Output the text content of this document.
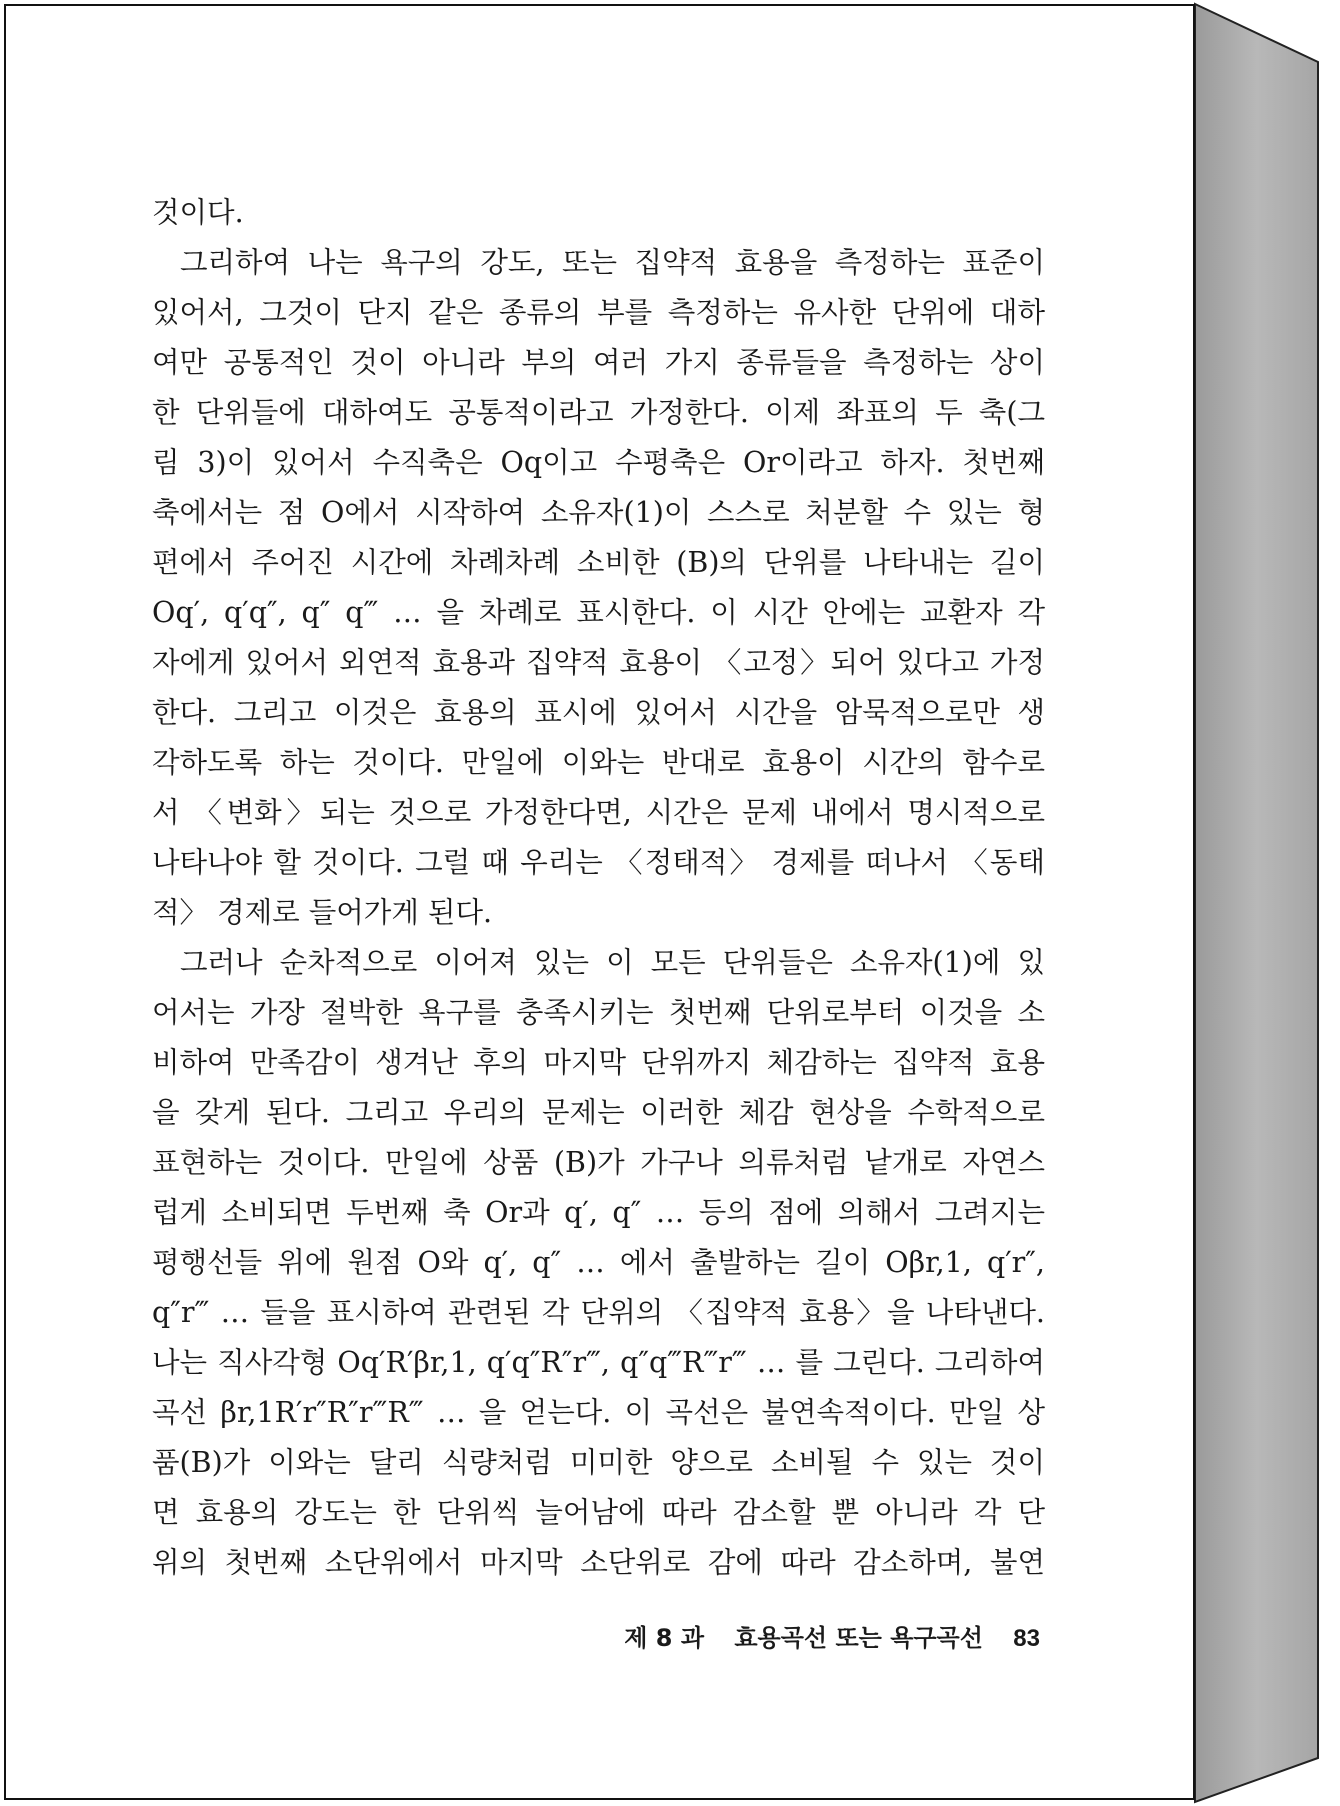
것이다.
그리하여 나는 욕구의 강도, 또는 집약적 효용을 측정하는 표준이
있어서, 그것이 단지 같은 종류의 부를 측정하는 유사한 단위에 대하
여만 공통적인 것이 아니라 부의 여러 가지 종류들을 측정하는 상이
한 단위들에 대하여도 공통적이라고 가정한다. 이제 좌표의 두 축(그
림 3)이 있어서 수직축은 Oq이고 수평축은 Or이라고 하자. 첫번째
축에서는 점 O에서 시작하여 소유자(1)이 스스로 처분할 수 있는 형
편에서 주어진 시간에 차례차례 소비한 (B)의 단위를 나타내는 길이
Oq′, q′q″, q″ q‴ … 을 차례로 표시한다. 이 시간 안에는 교환자 각
자에게 있어서 외연적 효용과 집약적 효용이 〈고정〉되어 있다고 가정
한다. 그리고 이것은 효용의 표시에 있어서 시간을 암묵적으로만 생
각하도록 하는 것이다. 만일에 이와는 반대로 효용이 시간의 함수로
서 〈변화〉되는 것으로 가정한다면, 시간은 문제 내에서 명시적으로
나타나야 할 것이다. 그럴 때 우리는 〈정태적〉 경제를 떠나서 〈동태
적〉 경제로 들어가게 된다.
그러나 순차적으로 이어져 있는 이 모든 단위들은 소유자(1)에 있
어서는 가장 절박한 욕구를 충족시키는 첫번째 단위로부터 이것을 소
비하여 만족감이 생겨난 후의 마지막 단위까지 체감하는 집약적 효용
을 갖게 된다. 그리고 우리의 문제는 이러한 체감 현상을 수학적으로
표현하는 것이다. 만일에 상품 (B)가 가구나 의류처럼 낱개로 자연스
럽게 소비되면 두번째 축 Or과 q′, q″ … 등의 점에 의해서 그려지는
평행선들 위에 원점 O와 q′, q″ … 에서 출발하는 길이 Oβr,1, q′r″,
q″r‴ … 들을 표시하여 관련된 각 단위의 〈집약적 효용〉을 나타낸다.
나는 직사각형 Oq′R′βr,1, q′q″R″r‴, q″q‴R‴r‴ … 를 그린다. 그리하여
곡선 βr,1R′r″R″r‴R‴ … 을 얻는다. 이 곡선은 불연속적이다. 만일 상
품(B)가 이와는 달리 식량처럼 미미한 양으로 소비될 수 있는 것이
면 효용의 강도는 한 단위씩 늘어남에 따라 감소할 뿐 아니라 각 단
위의 첫번째 소단위에서 마지막 소단위로 감에 따라 감소하며, 불연
제 8 과 효용곡선 또는 욕구곡선 83
